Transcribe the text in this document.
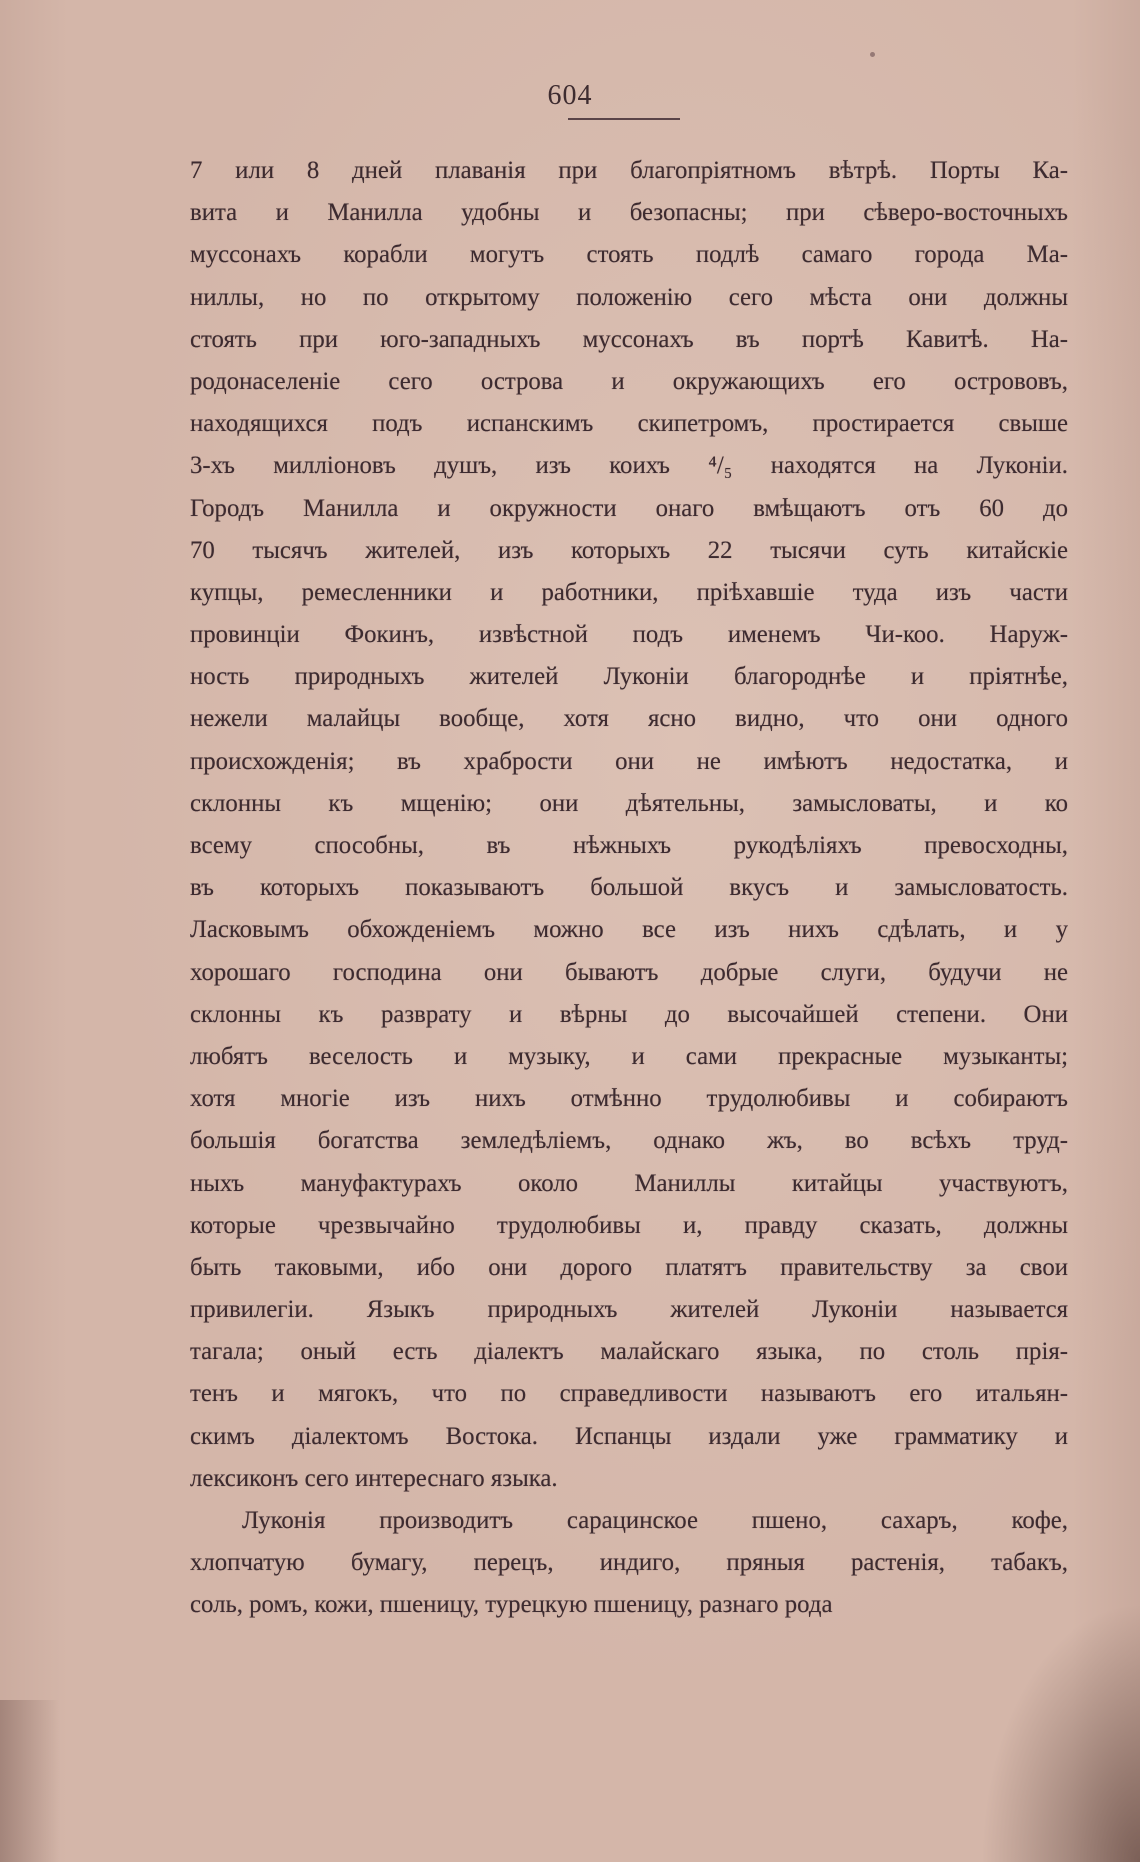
604
7 или 8 дней плаванія при благопріятномъ вѣтрѣ. Порты Ка-
вита и Манилла удобны и безопасны; при сѣверо-восточныхъ
муссонахъ корабли могутъ стоять подлѣ самаго города Ма-
ниллы, но по открытому положенію сего мѣста они должны
стоять при юго-западныхъ муссонахъ въ портѣ Кавитѣ. На-
родонаселеніе сего острова и окружающихъ его острововъ,
находящихся подъ испанскимъ скипетромъ, простирается свыше
3-хъ милліоновъ душъ, изъ коихъ ⁴/₅ находятся на Луконіи.
Городъ Манилла и окружности онаго вмѣщаютъ отъ 60 до
70 тысячъ жителей, изъ которыхъ 22 тысячи суть китайскіе
купцы, ремесленники и работники, пріѣхавшіе туда изъ части
провинціи Фокинъ, извѣстной подъ именемъ Чи-коо. Наруж-
ность природныхъ жителей Луконіи благороднѣе и пріятнѣе,
нежели малайцы вообще, хотя ясно видно, что они одного
происхожденія; въ храбрости они не имѣютъ недостатка, и
склонны къ мщенію; они дѣятельны, замысловаты, и ко
всему способны, въ нѣжныхъ рукодѣліяхъ превосходны,
въ которыхъ показываютъ большой вкусъ и замысловатость.
Ласковымъ обхожденіемъ можно все изъ нихъ сдѣлать, и у
хорошаго господина они бываютъ добрые слуги, будучи не
склонны къ разврату и вѣрны до высочайшей степени. Они
любятъ веселость и музыку, и сами прекрасные музыканты;
хотя многіе изъ нихъ отмѣнно трудолюбивы и собираютъ
большія богатства земледѣліемъ, однако жъ, во всѣхъ труд-
ныхъ мануфактурахъ около Маниллы китайцы участвуютъ,
которые чрезвычайно трудолюбивы и, правду сказать, должны
быть таковыми, ибо они дорого платятъ правительству за свои
привилегіи. Языкъ природныхъ жителей Луконіи называется
тагала; оный есть діалектъ малайскаго языка, по столь прія-
тенъ и мягокъ, что по справедливости называютъ его итальян-
скимъ діалектомъ Востока. Испанцы издали уже грамматику и
лексиконъ сего интереснаго языка.
Луконія производитъ сарацинское пшено, сахаръ, кофе,
хлопчатую бумагу, перецъ, индиго, пряныя растенія, табакъ,
соль, ромъ, кожи, пшеницу, турецкую пшеницу, разнаго рода
